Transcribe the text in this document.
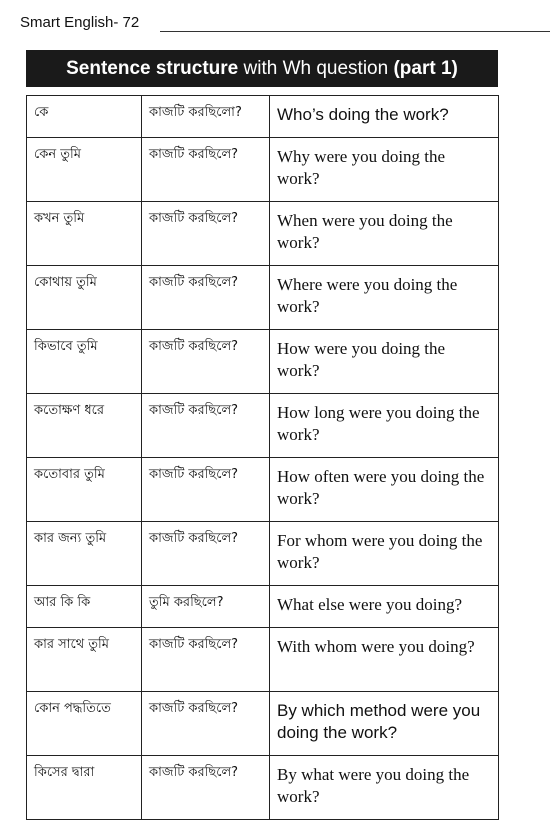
Smart English- 72
Sentence structure with Wh question (part 1)
কে	কাজটি করছিলো?	Who’s doing the work?
কেন তুমি	কাজটি করছিলে?	Why were you doing the work?
কখন তুমি	কাজটি করছিলে?	When were you doing the work?
কোথায় তুমি	কাজটি করছিলে?	Where were you doing the work?
কিভাবে তুমি	কাজটি করছিলে?	How were you doing the work?
কতোক্ষণ ধরে	কাজটি করছিলে?	How long were you doing the work?
কতোবার তুমি	কাজটি করছিলে?	How often were you doing the work?
কার জন্য তুমি	কাজটি করছিলে?	For whom were you doing the work?
আর কি কি	তুমি করছিলে?	What else were you doing?
কার সাথে তুমি	কাজটি করছিলে?	With whom were you doing?
কোন পদ্ধতিতে	কাজটি করছিলে?	By which method were you doing the work?
কিসের দ্বারা	কাজটি করছিলে?	By what were you doing the work?
